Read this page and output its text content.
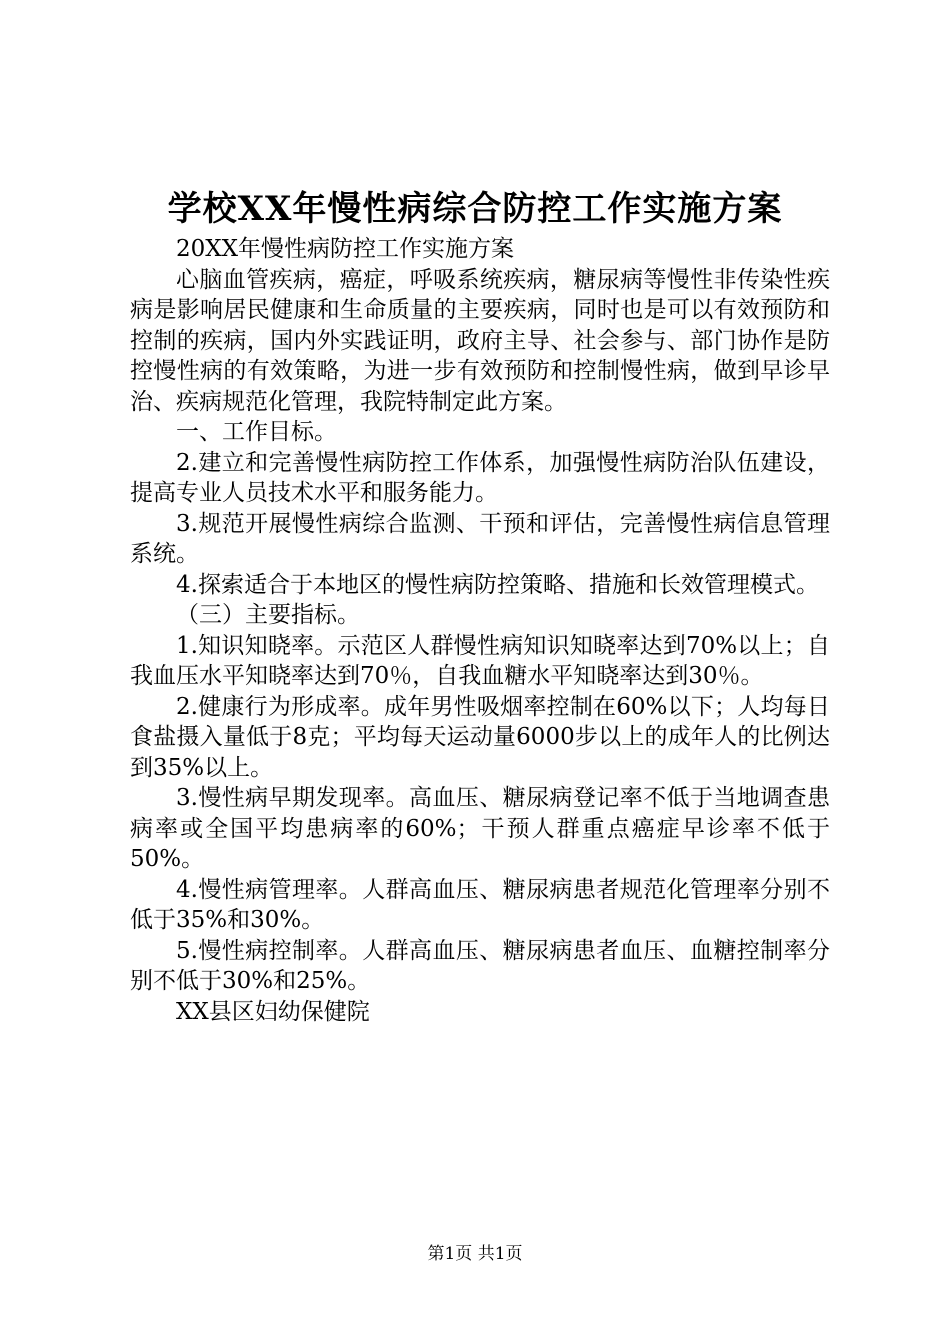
学校XX年慢性病综合防控工作实施方案

20XX年慢性病防控工作实施方案

心脑血管疾病，癌症，呼吸系统疾病，糖尿病等慢性非传染性疾病是影响居民健康和生命质量的主要疾病，同时也是可以有效预防和控制的疾病，国内外实践证明，政府主导、社会参与、部门协作是防控慢性病的有效策略，为进一步有效预防和控制慢性病，做到早诊早治、疾病规范化管理，我院特制定此方案。

一、工作目标。

2.建立和完善慢性病防控工作体系，加强慢性病防治队伍建设，提高专业人员技术水平和服务能力。

3.规范开展慢性病综合监测、干预和评估，完善慢性病信息管理系统。

4.探索适合于本地区的慢性病防控策略、措施和长效管理模式。

（三）主要指标。

1.知识知晓率。示范区人群慢性病知识知晓率达到70%以上；自我血压水平知晓率达到70％，自我血糖水平知晓率达到30％。

2.健康行为形成率。成年男性吸烟率控制在60%以下；人均每日食盐摄入量低于8克；平均每天运动量6000步以上的成年人的比例达到35%以上。

3.慢性病早期发现率。高血压、糖尿病登记率不低于当地调查患病率或全国平均患病率的60%；干预人群重点癌症早诊率不低于50%。

4.慢性病管理率。人群高血压、糖尿病患者规范化管理率分别不低于35%和30%。

5.慢性病控制率。人群高血压、糖尿病患者血压、血糖控制率分别不低于30%和25%。

XX县区妇幼保健院

第1页 共1页
